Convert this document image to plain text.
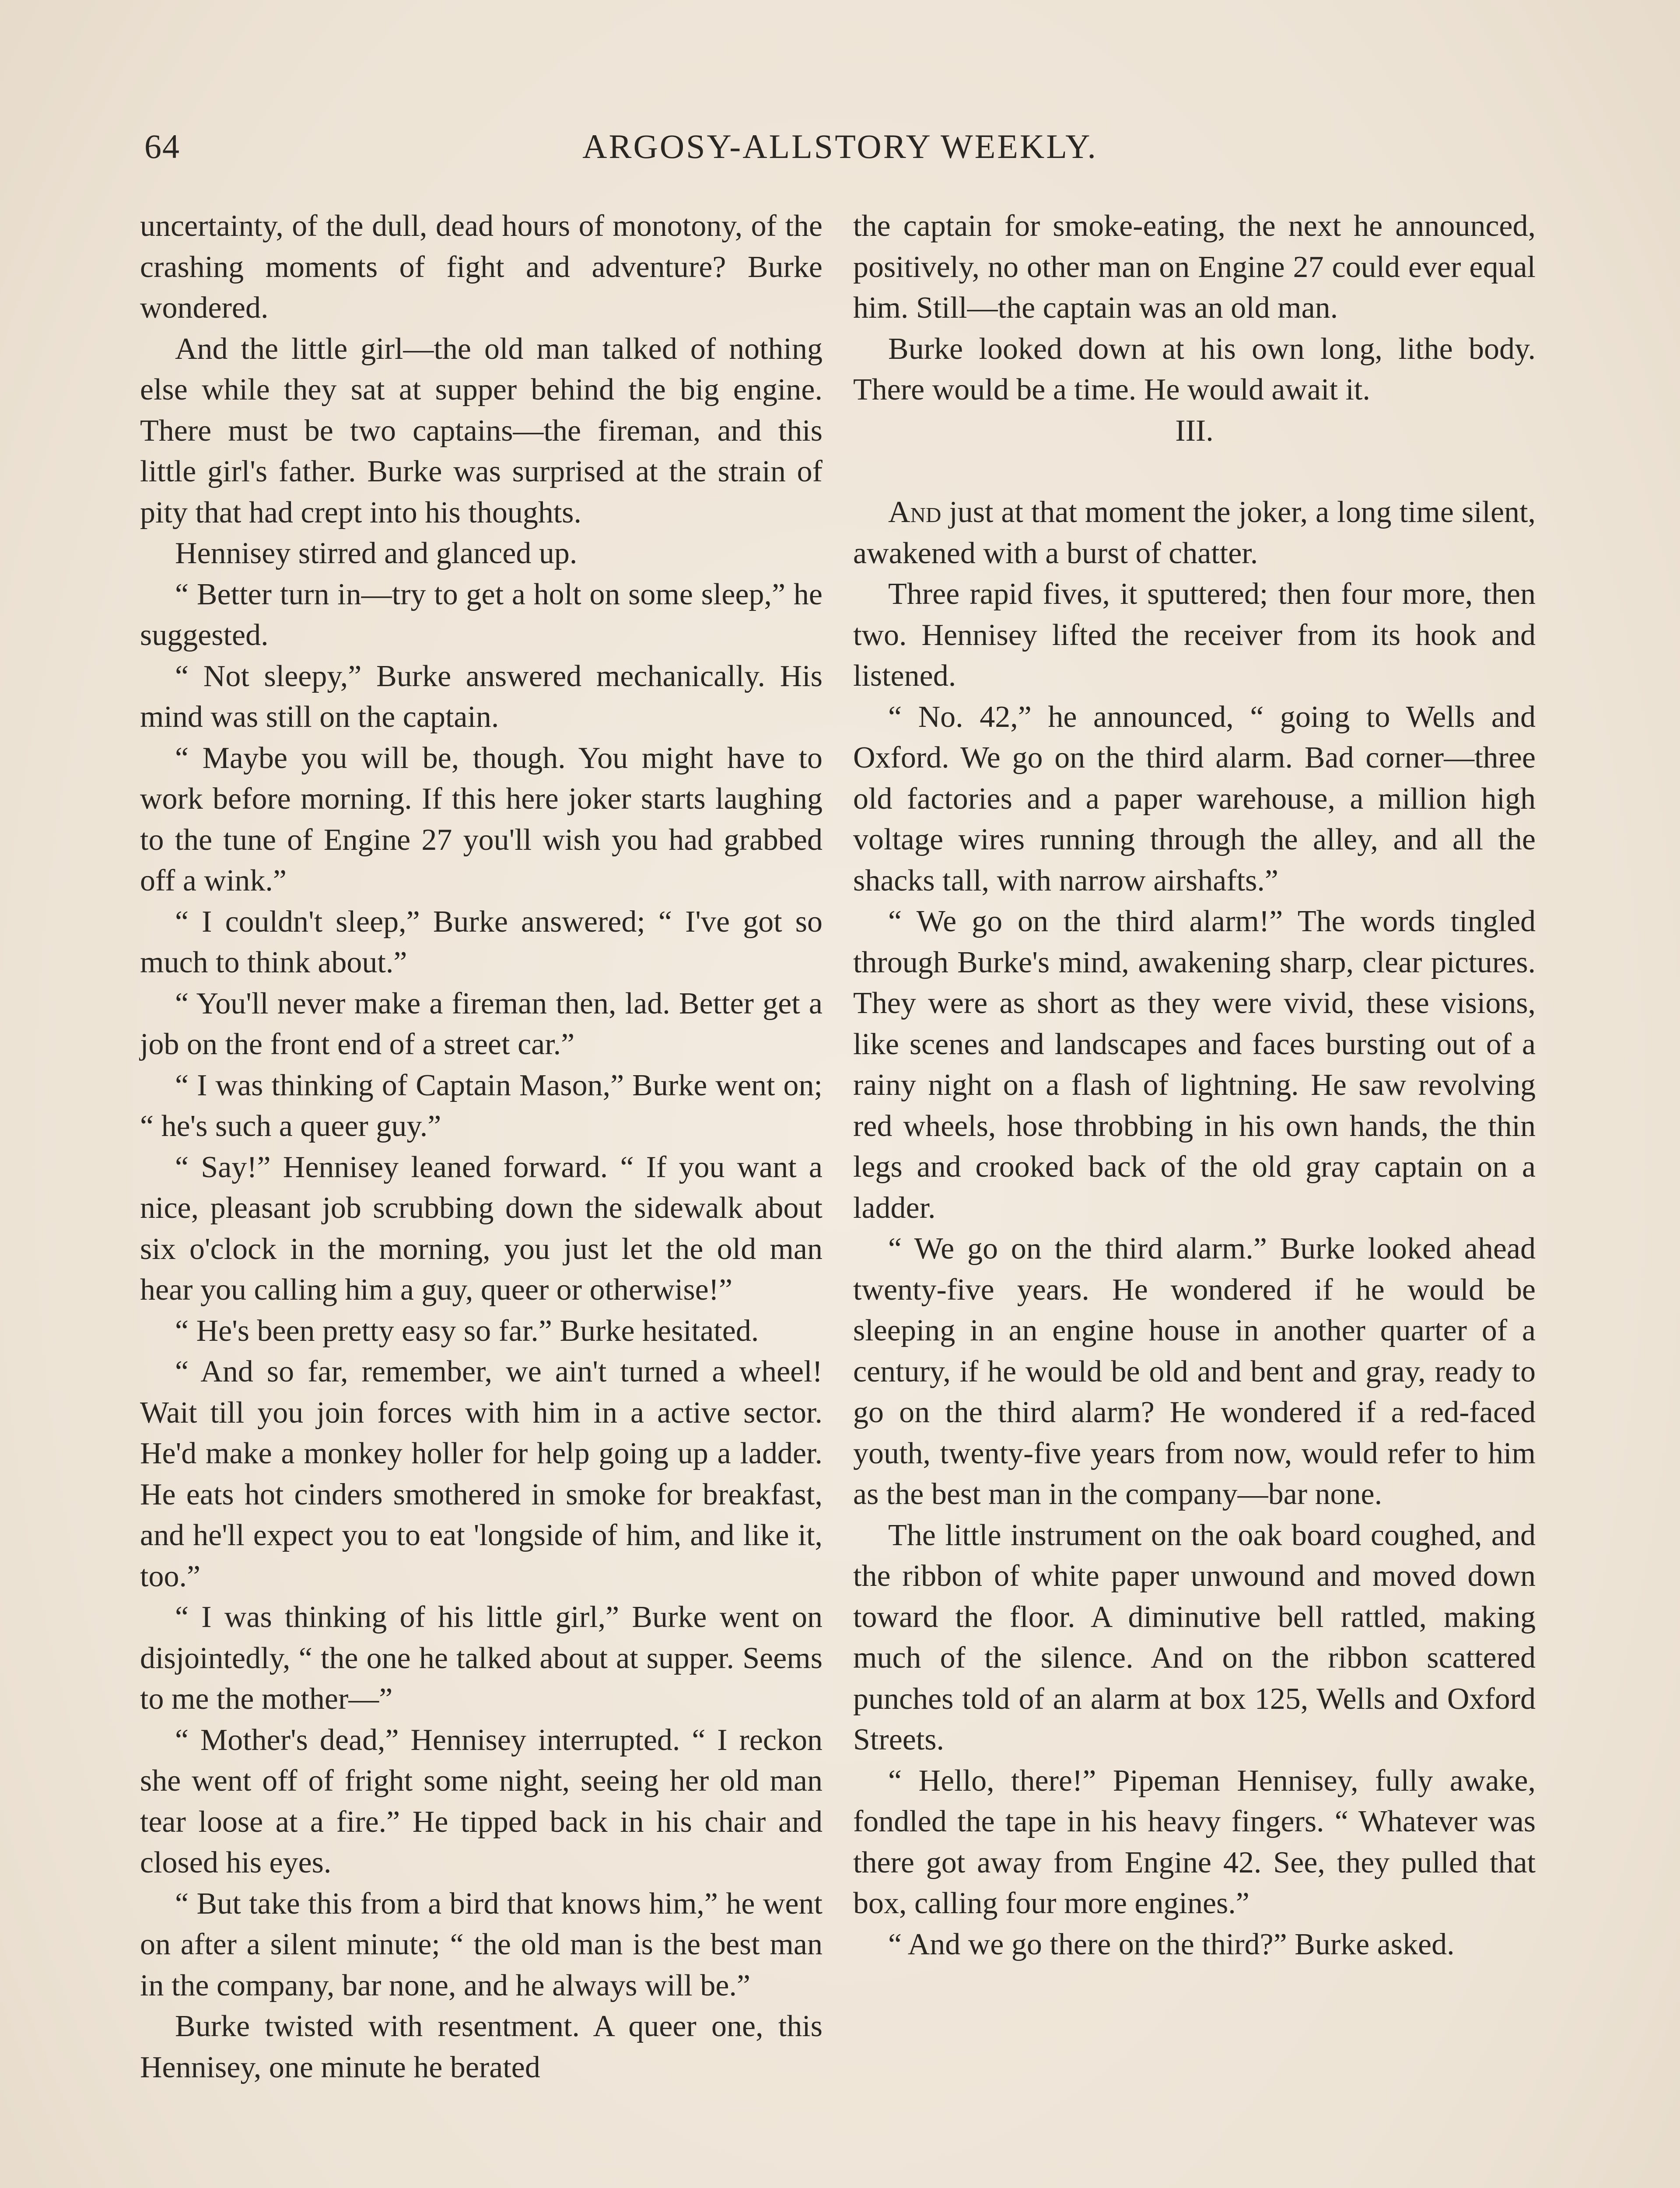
64	ARGOSY-ALLSTORY WEEKLY.

uncertainty, of the dull, dead hours of monotony, of the crashing moments of fight and adventure? Burke wondered.

And the little girl—the old man talked of nothing else while they sat at supper behind the big engine. There must be two captains—the fireman, and this little girl's father. Burke was surprised at the strain of pity that had crept into his thoughts.

Hennisey stirred and glanced up.

“ Better turn in—try to get a holt on some sleep,” he suggested.

“ Not sleepy,” Burke answered mechanically. His mind was still on the captain.

“ Maybe you will be, though. You might have to work before morning. If this here joker starts laughing to the tune of Engine 27 you'll wish you had grabbed off a wink.”

“ I couldn't sleep,” Burke answered; “ I've got so much to think about.”

“ You'll never make a fireman then, lad. Better get a job on the front end of a street car.”

“ I was thinking of Captain Mason,” Burke went on; “ he's such a queer guy.”

“ Say!” Hennisey leaned forward. “ If you want a nice, pleasant job scrubbing down the sidewalk about six o'clock in the morning, you just let the old man hear you calling him a guy, queer or otherwise!”

“ He's been pretty easy so far.” Burke hesitated.

“ And so far, remember, we ain't turned a wheel! Wait till you join forces with him in a active sector. He'd make a monkey holler for help going up a ladder. He eats hot cinders smothered in smoke for breakfast, and he'll expect you to eat 'longside of him, and like it, too.”

“ I was thinking of his little girl,” Burke went on disjointedly, “ the one he talked about at supper. Seems to me the mother—”

“ Mother's dead,” Hennisey interrupted. “ I reckon she went off of fright some night, seeing her old man tear loose at a fire.” He tipped back in his chair and closed his eyes.

“ But take this from a bird that knows him,” he went on after a silent minute; “ the old man is the best man in the company, bar none, and he always will be.”

Burke twisted with resentment. A queer one, this Hennisey, one minute he berated

the captain for smoke-eating, the next he announced, positively, no other man on Engine 27 could ever equal him. Still—the captain was an old man.

Burke looked down at his own long, lithe body. There would be a time. He would await it.

III.

And just at that moment the joker, a long time silent, awakened with a burst of chatter.

Three rapid fives, it sputtered; then four more, then two. Hennisey lifted the receiver from its hook and listened.

“ No. 42,” he announced, “ going to Wells and Oxford. We go on the third alarm. Bad corner—three old factories and a paper warehouse, a million high voltage wires running through the alley, and all the shacks tall, with narrow airshafts.”

“ We go on the third alarm!” The words tingled through Burke's mind, awakening sharp, clear pictures. They were as short as they were vivid, these visions, like scenes and landscapes and faces bursting out of a rainy night on a flash of lightning. He saw revolving red wheels, hose throbbing in his own hands, the thin legs and crooked back of the old gray captain on a ladder.

“ We go on the third alarm.” Burke looked ahead twenty-five years. He wondered if he would be sleeping in an engine house in another quarter of a century, if he would be old and bent and gray, ready to go on the third alarm? He wondered if a red-faced youth, twenty-five years from now, would refer to him as the best man in the company—bar none.

The little instrument on the oak board coughed, and the ribbon of white paper unwound and moved down toward the floor. A diminutive bell rattled, making much of the silence. And on the ribbon scattered punches told of an alarm at box 125, Wells and Oxford Streets.

“ Hello, there!” Pipeman Hennisey, fully awake, fondled the tape in his heavy fingers. “ Whatever was there got away from Engine 42. See, they pulled that box, calling four more engines.”

“ And we go there on the third?” Burke asked.
